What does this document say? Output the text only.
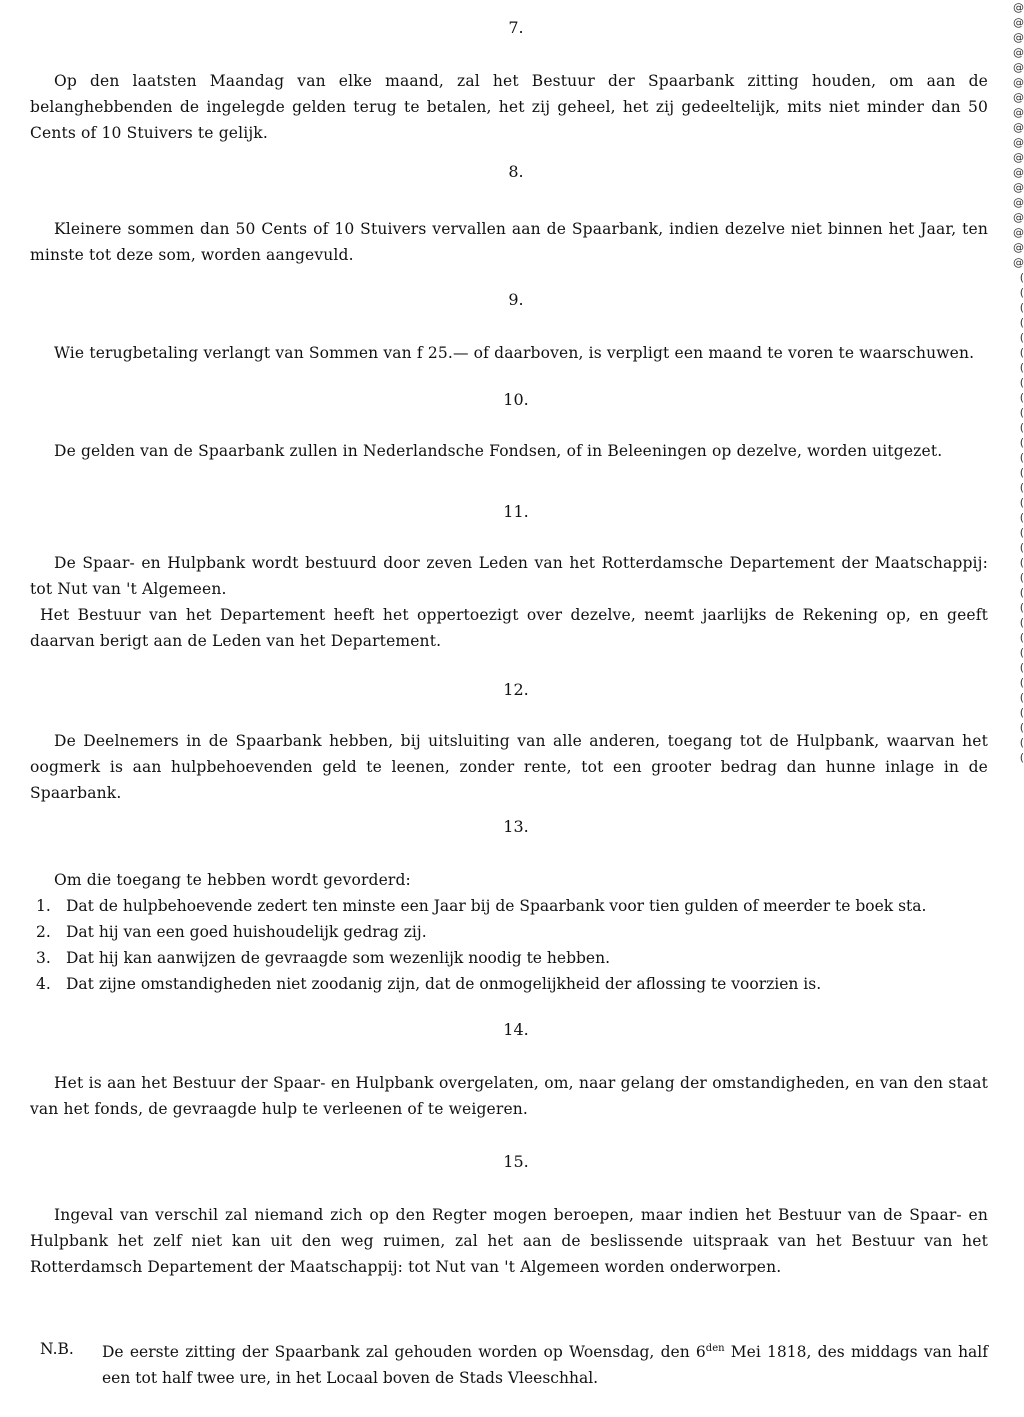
7.

Op den laatsten Maandag van elke maand, zal het Bestuur der Spaarbank zitting houden, om aan de belanghebbenden de ingelegde gelden terug te betalen, het zij geheel, het zij gedeeltelijk, mits niet minder dan 50 Cents of 10 Stuivers te gelijk.

8.

Kleinere sommen dan 50 Cents of 10 Stuivers vervallen aan de Spaarbank, indien dezelve niet binnen het Jaar, ten minste tot deze som, worden aangevuld.

9.

Wie terugbetaling verlangt van Sommen van f 25.— of daarboven, is verpligt een maand te voren te waarschuwen.

10.

De gelden van de Spaarbank zullen in Nederlandsche Fondsen, of in Beleeningen op dezelve, worden uitgezet.

11.

De Spaar- en Hulpbank wordt bestuurd door zeven Leden van het Rotterdamsche Departement der Maatschappij: tot Nut van 't Algemeen.

Het Bestuur van het Departement heeft het oppertoezigt over dezelve, neemt jaarlijks de Rekening op, en geeft daarvan berigt aan de Leden van het Departement.

12.

De Deelnemers in de Spaarbank hebben, bij uitsluiting van alle anderen, toegang tot de Hulpbank, waarvan het oogmerk is aan hulpbehoevenden geld te leenen, zonder rente, tot een grooter bedrag dan hunne inlage in de Spaarbank.

13.

Om die toegang te hebben wordt gevorderd:

1. Dat de hulpbehoevende zedert ten minste een Jaar bij de Spaarbank voor tien gulden of meerder te boek sta.
2. Dat hij van een goed huishoudelijk gedrag zij.
3. Dat hij kan aanwijzen de gevraagde som wezenlijk noodig te hebben.
4. Dat zijne omstandigheden niet zoodanig zijn, dat de onmogelijkheid der aflossing te voorzien is.

14.

Het is aan het Bestuur der Spaar- en Hulpbank overgelaten, om, naar gelang der omstandigheden, en van den staat van het fonds, de gevraagde hulp te verleenen of te weigeren.

15.

Ingeval van verschil zal niemand zich op den Regter mogen beroepen, maar indien het Bestuur van de Spaar- en Hulpbank het zelf niet kan uit den weg ruimen, zal het aan de beslissende uitspraak van het Bestuur van het Rotterdamsch Departement der Maatschappij: tot Nut van 't Algemeen worden onderworpen.

N.B.	De eerste zitting der Spaarbank zal gehouden worden op Woensdag, den $6^{den}$ Mei 1818, des middags van half een tot half twee ure, in het Locaal boven de Stads Vleeschhal.
@
@
@
@
@
@
@
@
@
@
@
@
@
@
@
@
@
@
(
(
(
(
(
(
(
(
(
(
(
(
(
(
(
(
(
(
(
(
(
(
(
(
(
(
(
(
(
(
(
(
(
